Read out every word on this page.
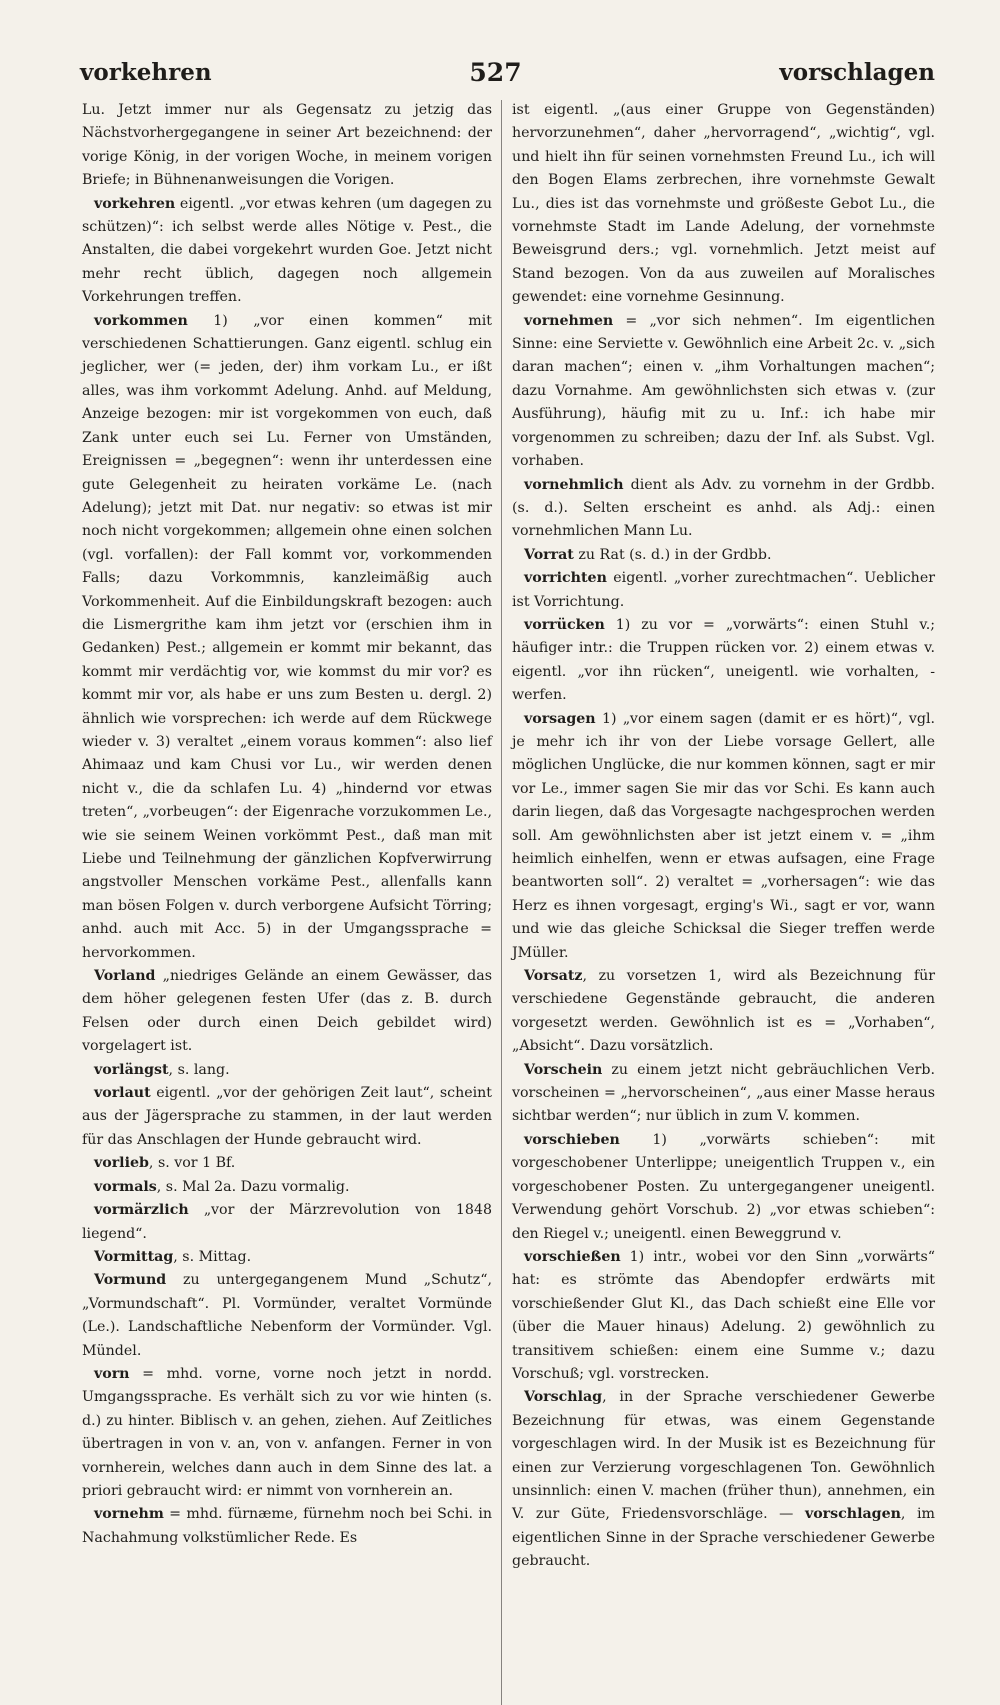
vorkehren	527	vorschlagen

Lu. Jetzt immer nur als Gegensatz zu jetzig das Nächstvorhergegangene in seiner Art bezeichnend: der vorige König, in der vorigen Woche, in meinem vorigen Briefe; in Bühnenanweisungen die Vorigen.

vorkehren eigentl. „vor etwas kehren (um dagegen zu schützen)“: ich selbst werde alles Nötige v. Pest., die Anstalten, die dabei vorgekehrt wurden Goe. Jetzt nicht mehr recht üblich, dagegen noch allgemein Vorkehrungen treffen.

vorkommen 1) „vor einen kommen“ mit verschiedenen Schattierungen. Ganz eigentl. schlug ein jeglicher, wer (= jeden, der) ihm vorkam Lu., er ißt alles, was ihm vorkommt Adelung. Anhd. auf Meldung, Anzeige bezogen: mir ist vorgekommen von euch, daß Zank unter euch sei Lu. Ferner von Umständen, Ereignissen = „begegnen“: wenn ihr unterdessen eine gute Gelegenheit zu heiraten vorkäme Le. (nach Adelung); jetzt mit Dat. nur negativ: so etwas ist mir noch nicht vorgekommen; allgemein ohne einen solchen (vgl. vorfallen): der Fall kommt vor, vorkommenden Falls; dazu Vorkommnis, kanzleimäßig auch Vorkommenheit. Auf die Einbildungskraft bezogen: auch die Lismergrithe kam ihm jetzt vor (erschien ihm in Gedanken) Pest.; allgemein er kommt mir bekannt, das kommt mir verdächtig vor, wie kommst du mir vor? es kommt mir vor, als habe er uns zum Besten u. dergl. 2) ähnlich wie vorsprechen: ich werde auf dem Rückwege wieder v. 3) veraltet „einem voraus kommen“: also lief Ahimaaz und kam Chusi vor Lu., wir werden denen nicht v., die da schlafen Lu. 4) „hindernd vor etwas treten“, „vorbeugen“: der Eigenrache vorzukommen Le., wie sie seinem Weinen vorkömmt Pest., daß man mit Liebe und Teilnehmung der gänzlichen Kopfverwirrung angstvoller Menschen vorkäme Pest., allenfalls kann man bösen Folgen v. durch verborgene Aufsicht Törring; anhd. auch mit Acc. 5) in der Umgangssprache = hervorkommen.

Vorland „niedriges Gelände an einem Gewässer, das dem höher gelegenen festen Ufer (das z. B. durch Felsen oder durch einen Deich gebildet wird) vorgelagert ist.

vorlängst, s. lang.

vorlaut eigentl. „vor der gehörigen Zeit laut“, scheint aus der Jägersprache zu stammen, in der laut werden für das Anschlagen der Hunde gebraucht wird.

vorlieb, s. vor 1 Bf.

vormals, s. Mal 2a. Dazu vormalig.

vormärzlich „vor der Märzrevolution von 1848 liegend“.

Vormittag, s. Mittag.

Vormund zu untergegangenem Mund „Schutz“, „Vormundschaft“. Pl. Vormünder, veraltet Vormünde (Le.). Landschaftliche Nebenform der Vormünder. Vgl. Mündel.

vorn = mhd. vorne, vorne noch jetzt in nordd. Umgangssprache. Es verhält sich zu vor wie hinten (s. d.) zu hinter. Biblisch v. an gehen, ziehen. Auf Zeitliches übertragen in von v. an, von v. anfangen. Ferner in von vornherein, welches dann auch in dem Sinne des lat. a priori gebraucht wird: er nimmt von vornherein an.

vornehm = mhd. fürnæme, fürnehm noch bei Schi. in Nachahmung volkstümlicher Rede. Es

ist eigentl. „(aus einer Gruppe von Gegenständen) hervorzunehmen“, daher „hervorragend“, „wichtig“, vgl. und hielt ihn für seinen vornehmsten Freund Lu., ich will den Bogen Elams zerbrechen, ihre vornehmste Gewalt Lu., dies ist das vornehmste und größeste Gebot Lu., die vornehmste Stadt im Lande Adelung, der vornehmste Beweisgrund ders.; vgl. vornehmlich. Jetzt meist auf Stand bezogen. Von da aus zuweilen auf Moralisches gewendet: eine vornehme Gesinnung.

vornehmen = „vor sich nehmen“. Im eigentlichen Sinne: eine Serviette v. Gewöhnlich eine Arbeit 2c. v. „sich daran machen“; einen v. „ihm Vorhaltungen machen“; dazu Vornahme. Am gewöhnlichsten sich etwas v. (zur Ausführung), häufig mit zu u. Inf.: ich habe mir vorgenommen zu schreiben; dazu der Inf. als Subst. Vgl. vorhaben.

vornehmlich dient als Adv. zu vornehm in der Grdbb. (s. d.). Selten erscheint es anhd. als Adj.: einen vornehmlichen Mann Lu.

Vorrat zu Rat (s. d.) in der Grdbb.

vorrichten eigentl. „vorher zurechtmachen“. Ueblicher ist Vorrichtung.

vorrücken 1) zu vor = „vorwärts“: einen Stuhl v.; häufiger intr.: die Truppen rücken vor. 2) einem etwas v. eigentl. „vor ihn rücken“, uneigentl. wie vorhalten, -werfen.

vorsagen 1) „vor einem sagen (damit er es hört)“, vgl. je mehr ich ihr von der Liebe vorsage Gellert, alle möglichen Unglücke, die nur kommen können, sagt er mir vor Le., immer sagen Sie mir das vor Schi. Es kann auch darin liegen, daß das Vorgesagte nachgesprochen werden soll. Am gewöhnlichsten aber ist jetzt einem v. = „ihm heimlich einhelfen, wenn er etwas aufsagen, eine Frage beantworten soll“. 2) veraltet = „vorhersagen“: wie das Herz es ihnen vorgesagt, erging's Wi., sagt er vor, wann und wie das gleiche Schicksal die Sieger treffen werde JMüller.

Vorsatz, zu vorsetzen 1, wird als Bezeichnung für verschiedene Gegenstände gebraucht, die anderen vorgesetzt werden. Gewöhnlich ist es = „Vorhaben“, „Absicht“. Dazu vorsätzlich.

Vorschein zu einem jetzt nicht gebräuchlichen Verb. vorscheinen = „hervorscheinen“, „aus einer Masse heraus sichtbar werden“; nur üblich in zum V. kommen.

vorschieben 1) „vorwärts schieben“: mit vorgeschobener Unterlippe; uneigentlich Truppen v., ein vorgeschobener Posten. Zu untergegangener uneigentl. Verwendung gehört Vorschub. 2) „vor etwas schieben“: den Riegel v.; uneigentl. einen Beweggrund v.

vorschießen 1) intr., wobei vor den Sinn „vorwärts“ hat: es strömte das Abendopfer erdwärts mit vorschießender Glut Kl., das Dach schießt eine Elle vor (über die Mauer hinaus) Adelung. 2) gewöhnlich zu transitivem schießen: einem eine Summe v.; dazu Vorschuß; vgl. vorstrecken.

Vorschlag, in der Sprache verschiedener Gewerbe Bezeichnung für etwas, was einem Gegenstande vorgeschlagen wird. In der Musik ist es Bezeichnung für einen zur Verzierung vorgeschlagenen Ton. Gewöhnlich unsinnlich: einen V. machen (früher thun), annehmen, ein V. zur Güte, Friedensvorschläge. — vorschlagen, im eigentlichen Sinne in der Sprache verschiedener Gewerbe gebraucht.
